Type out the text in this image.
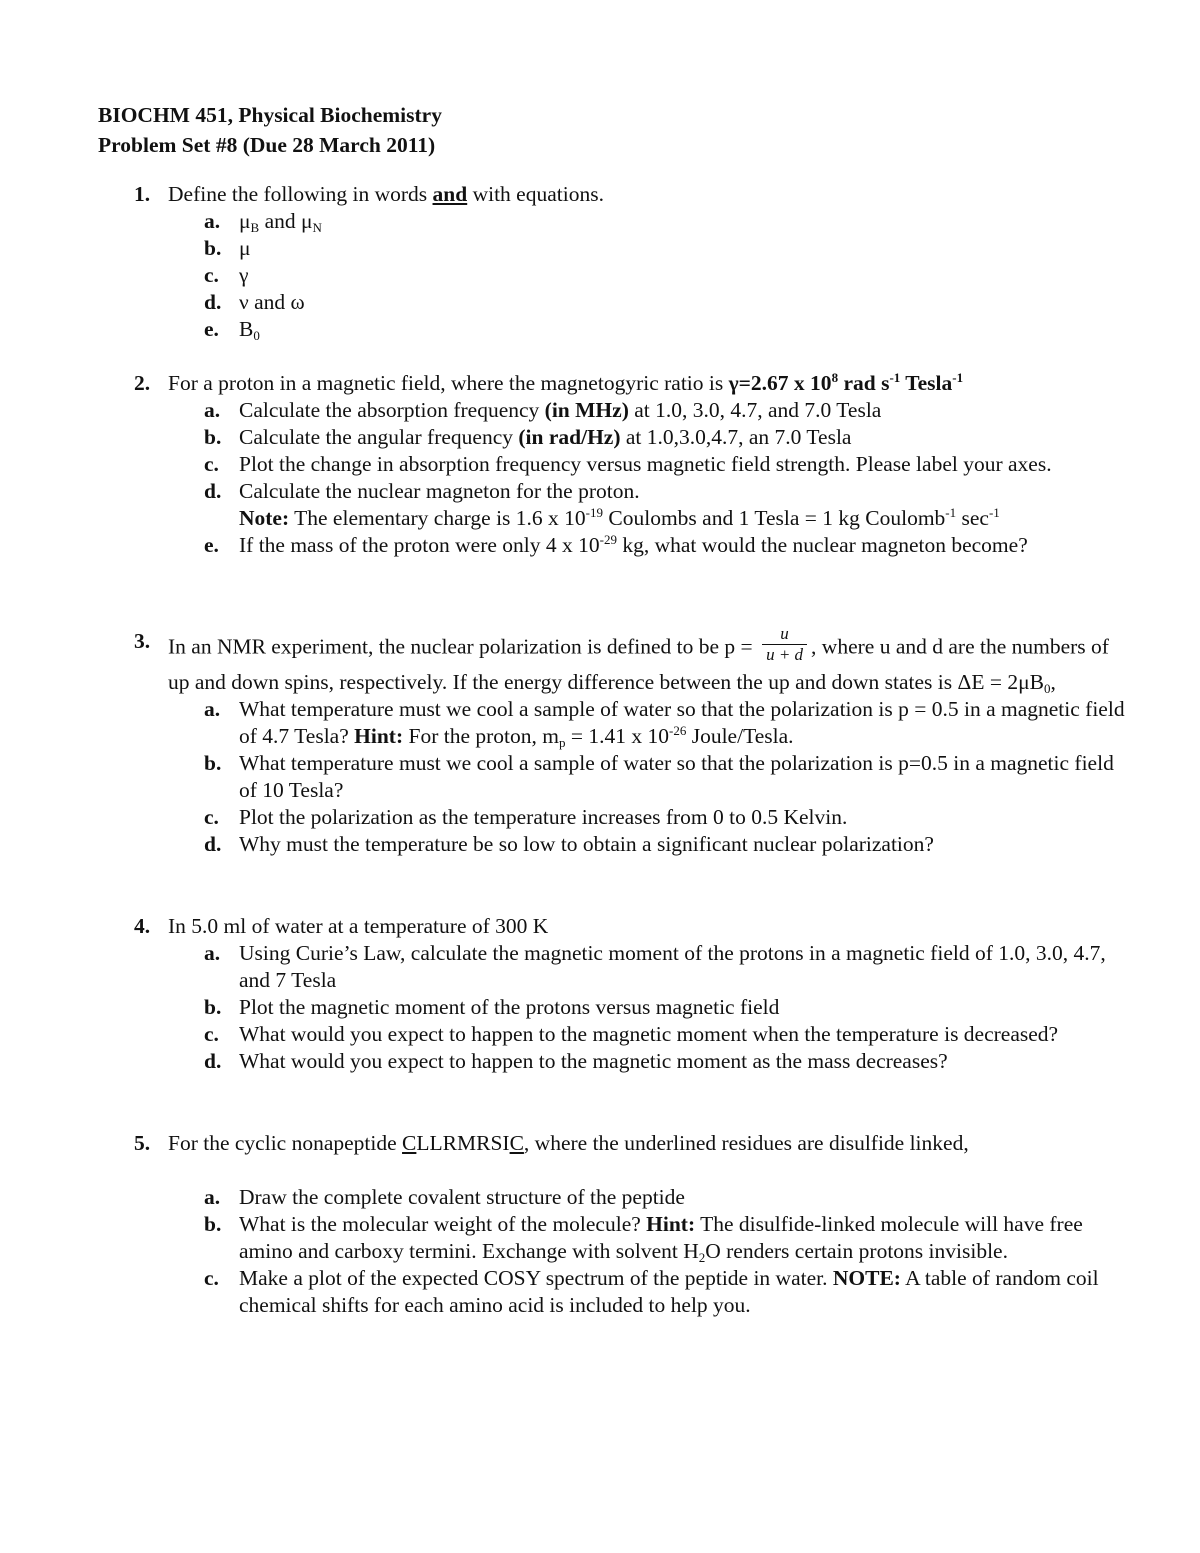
BIOCHM 451, Physical Biochemistry
Problem Set #8 (Due 28 March 2011)
1. Define the following in words and with equations.
a. $\mu_B$ and $\mu_N$
b. μ
c. γ
d. ν and ω
e. $B_0$
2. For a proton in a magnetic field, where the magnetogyric ratio is γ=2.67 x $10^8$ rad $s^{-1}$ Tesla$^{-1}$
a. Calculate the absorption frequency (in MHz) at 1.0, 3.0, 4.7, and 7.0 Tesla
b. Calculate the angular frequency (in rad/Hz) at 1.0,3.0,4.7, an 7.0 Tesla
c. Plot the change in absorption frequency versus magnetic field strength. Please label your axes.
d. Calculate the nuclear magneton for the proton.
Note: The elementary charge is 1.6 x $10^{-19}$ Coulombs and 1 Tesla = 1 kg Coulomb$^{-1}$ $\sec^{-1}$
e. If the mass of the proton were only 4 x $10^{-29}$ kg, what would the nuclear magneton become?
3. In an NMR experiment, the nuclear polarization is defined to be $p = \frac{u}{u + d}$ , where u and d are the numbers of up and down spins, respectively. If the energy difference between the up and down states is $\Delta E = 2\mu B_0$,
a. What temperature must we cool a sample of water so that the polarization is p = 0.5 in a magnetic field of 4.7 Tesla? Hint: For the proton, $m_p = 1.41$ x $10^{-26}$ Joule/Tesla.
b. What temperature must we cool a sample of water so that the polarization is p=0.5 in a magnetic field of 10 Tesla?
c. Plot the polarization as the temperature increases from 0 to 0.5 Kelvin.
d. Why must the temperature be so low to obtain a significant nuclear polarization?
4. In 5.0 ml of water at a temperature of 300 K
a. Using Curie’s Law, calculate the magnetic moment of the protons in a magnetic field of 1.0, 3.0, 4.7, and 7 Tesla
b. Plot the magnetic moment of the protons versus magnetic field
c. What would you expect to happen to the magnetic moment when the temperature is decreased?
d. What would you expect to happen to the magnetic moment as the mass decreases?
5. For the cyclic nonapeptide CLLRMRSIC, where the underlined residues are disulfide linked,
a. Draw the complete covalent structure of the peptide
b. What is the molecular weight of the molecule? Hint: The disulfide-linked molecule will have free amino and carboxy termini. Exchange with solvent $H_2O$ renders certain protons invisible.
c. Make a plot of the expected COSY spectrum of the peptide in water. NOTE: A table of random coil chemical shifts for each amino acid is included to help you.
